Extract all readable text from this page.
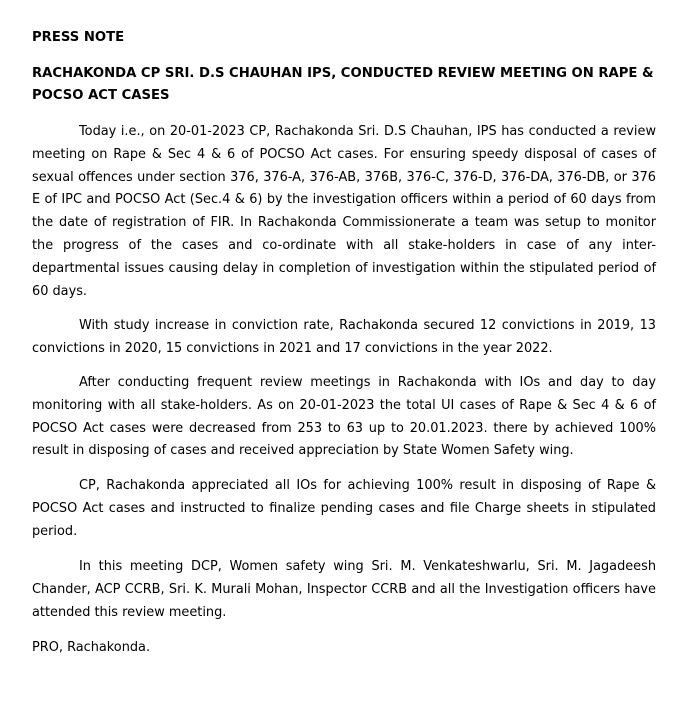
PRESS NOTE

RACHAKONDA CP SRI. D.S CHAUHAN IPS, CONDUCTED REVIEW MEETING ON RAPE & POCSO ACT CASES

Today i.e., on 20-01-2023 CP, Rachakonda Sri. D.S Chauhan, IPS has conducted a review meeting on Rape & Sec 4 & 6 of POCSO Act cases. For ensuring speedy disposal of cases of sexual offences under section 376, 376-A, 376-AB, 376B, 376-C, 376-D, 376-DA, 376-DB, or 376 E of IPC and POCSO Act (Sec.4 & 6) by the investigation officers within a period of 60 days from the date of registration of FIR. In Rachakonda Commissionerate a team was setup to monitor the progress of the cases and co-ordinate with all stake-holders in case of any inter-departmental issues causing delay in completion of investigation within the stipulated period of 60 days.

With study increase in conviction rate, Rachakonda secured 12 convictions in 2019, 13 convictions in 2020, 15 convictions in 2021 and 17 convictions in the year 2022.

After conducting frequent review meetings in Rachakonda with IOs and day to day monitoring with all stake-holders. As on 20-01-2023 the total UI cases of Rape & Sec 4 & 6 of POCSO Act cases were decreased from 253 to 63 up to 20.01.2023. there by achieved 100% result in disposing of cases and received appreciation by State Women Safety wing.

CP, Rachakonda appreciated all IOs for achieving 100% result in disposing of Rape & POCSO Act cases and instructed to finalize pending cases and file Charge sheets in stipulated period.

In this meeting DCP, Women safety wing Sri. M. Venkateshwarlu, Sri. M. Jagadeesh Chander, ACP CCRB, Sri. K. Murali Mohan, Inspector CCRB and all the Investigation officers have attended this review meeting.

PRO, Rachakonda.
